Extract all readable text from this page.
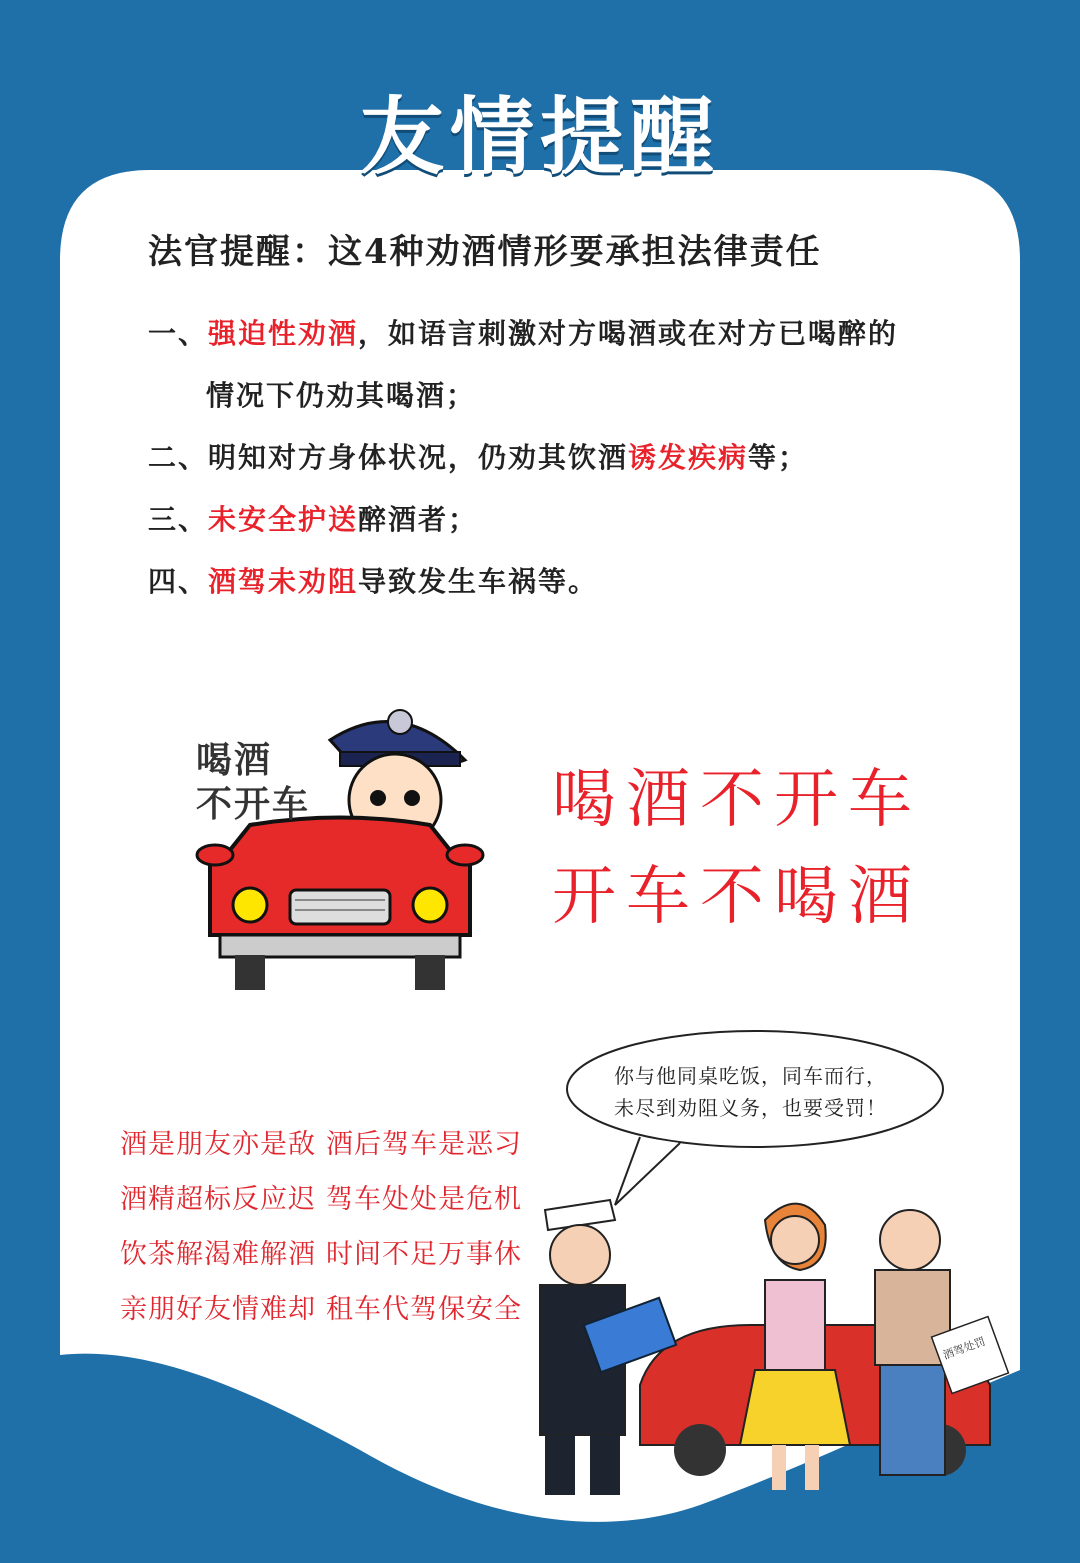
友情提醒
法官提醒：这4种劝酒情形要承担法律责任
一、强迫性劝酒，如语言刺激对方喝酒或在对方已喝醉的
情况下仍劝其喝酒；
二、明知对方身体状况，仍劝其饮酒诱发疾病等；
三、未安全护送醉酒者；
四、酒驾未劝阻导致发生车祸等。
喝酒
不开车	喝酒不开车
开车不喝酒
酒是朋友亦是敌 酒后驾车是恶习
酒精超标反应迟 驾车处处是危机
饮茶解渴难解酒 时间不足万事休
亲朋好友情难却 租车代驾保安全
你与他同桌吃饭，同车而行，
未尽到劝阻义务，也要受罚！
酒驾处罚
